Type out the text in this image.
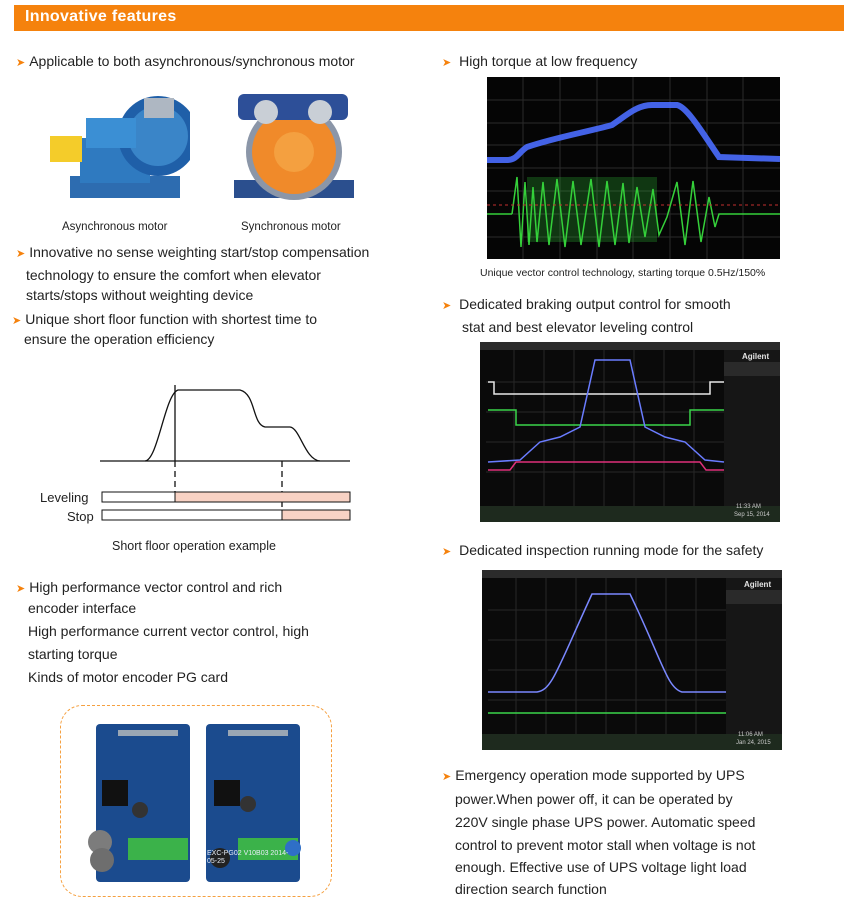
Innovative features
➤ Applicable to both asynchronous/synchronous motor
Asynchronous motor	Synchronous motor
➤ Innovative no sense weighting start/stop compensation
technology to ensure the comfort when elevator
starts/stops without weighting device
➤ Unique short floor function with shortest time to
ensure the operation efficiency
Leveling
Stop
Short floor operation example
➤ High performance vector control and rich
encoder interface
High performance current vector control, high
starting torque
Kinds of motor encoder PG card
EXC-PG02 V10B03 2014-05-25
➤ High torque at low frequency
Unique vector control technology, starting torque 0.5Hz/150%
➤ Dedicated braking output control for smooth
stat and best elevator leveling control
Agilent
11:33 AM
Sep 15, 2014
➤ Dedicated inspection running mode for the safety
Agilent
11:06 AM
Jan 24, 2015
➤ Emergency operation mode supported by UPS
power.When power off, it can be operated by
220V single phase UPS power. Automatic speed
control to prevent motor stall when voltage is not
enough. Effective use of UPS voltage light load
direction search function
